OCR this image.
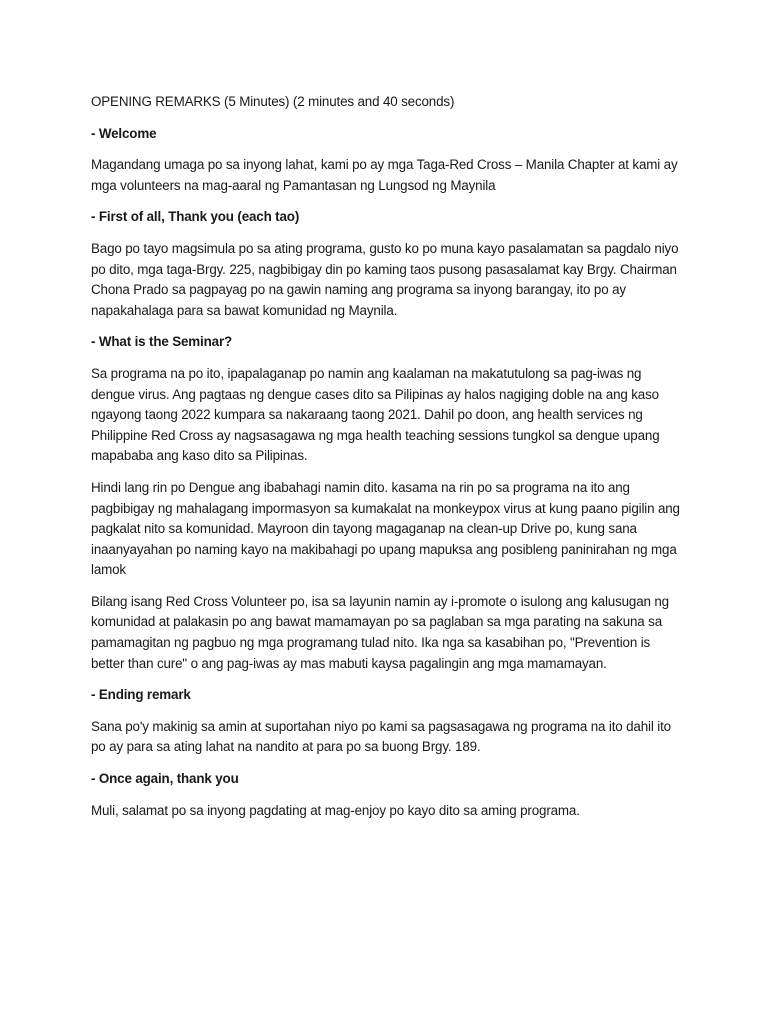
OPENING REMARKS (5 Minutes) (2 minutes and 40 seconds)

- Welcome

Magandang umaga po sa inyong lahat, kami po ay mga Taga-Red Cross – Manila Chapter at kami ay mga volunteers na mag-aaral ng Pamantasan ng Lungsod ng Maynila

- First of all, Thank you (each tao)

Bago po tayo magsimula po sa ating programa, gusto ko po muna kayo pasalamatan sa pagdalo niyo po dito, mga taga-Brgy. 225, nagbibigay din po kaming taos pusong pasasalamat kay Brgy. Chairman Chona Prado sa pagpayag po na gawin naming ang programa sa inyong barangay, ito po ay napakahalaga para sa bawat komunidad ng Maynila.

- What is the Seminar?

Sa programa na po ito, ipapalaganap po namin ang kaalaman na makatutulong sa pag-iwas ng dengue virus. Ang pagtaas ng dengue cases dito sa Pilipinas ay halos nagiging doble na ang kaso ngayong taong 2022 kumpara sa nakaraang taong 2021. Dahil po doon, ang health services ng Philippine Red Cross ay nagsasagawa ng mga health teaching sessions tungkol sa dengue upang mapababa ang kaso dito sa Pilipinas.

Hindi lang rin po Dengue ang ibabahagi namin dito. kasama na rin po sa programa na ito ang pagbibigay ng mahalagang impormasyon sa kumakalat na monkeypox virus at kung paano pigilin ang pagkalat nito sa komunidad. Mayroon din tayong magaganap na clean-up Drive po, kung sana inaanyayahan po naming kayo na makibahagi po upang mapuksa ang posibleng paninirahan ng mga lamok

Bilang isang Red Cross Volunteer po, isa sa layunin namin ay i-promote o isulong ang kalusugan ng komunidad at palakasin po ang bawat mamamayan po sa paglaban sa mga parating na sakuna sa pamamagitan ng pagbuo ng mga programang tulad nito. Ika nga sa kasabihan po, "Prevention is better than cure" o ang pag-iwas ay mas mabuti kaysa pagalingin ang mga mamamayan.

- Ending remark

Sana po'y makinig sa amin at suportahan niyo po kami sa pagsasagawa ng programa na ito dahil ito po ay para sa ating lahat na nandito at para po sa buong Brgy. 189.

- Once again, thank you

Muli, salamat po sa inyong pagdating at mag-enjoy po kayo dito sa aming programa.
